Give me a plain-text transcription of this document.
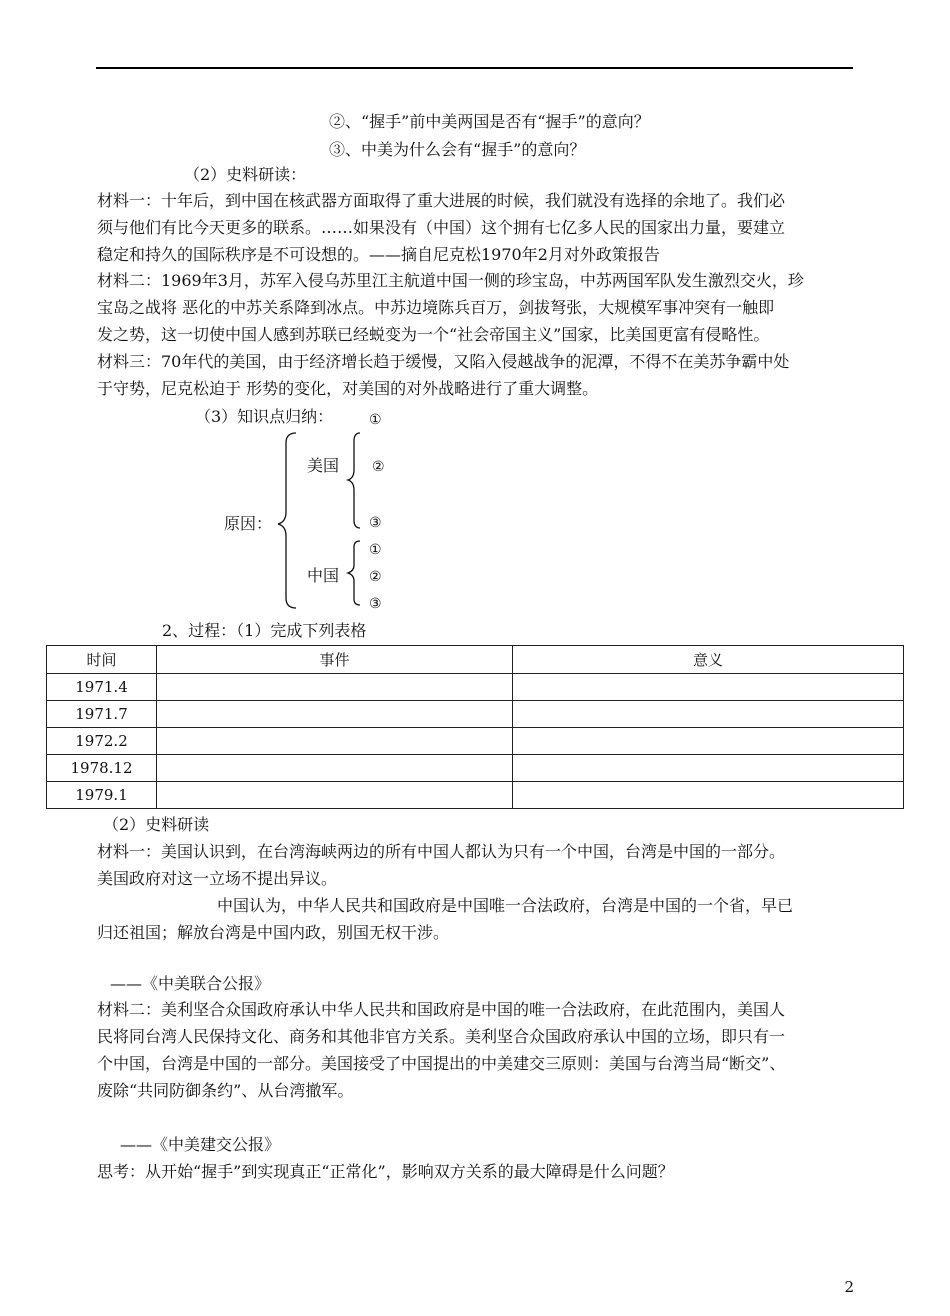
②、“握手”前中美两国是否有“握手”的意向？
③、中美为什么会有“握手”的意向？
（2）史料研读：
材料一：十年后，到中国在核武器方面取得了重大进展的时候，我们就没有选择的余地了。我们必
须与他们有比今天更多的联系。……如果没有（中国）这个拥有七亿多人民的国家出力量，要建立
稳定和持久的国际秩序是不可设想的。——摘自尼克松1970年2月对外政策报告
材料二：1969年3月，苏军入侵乌苏里江主航道中国一侧的珍宝岛，中苏两国军队发生激烈交火，珍
宝岛之战将 恶化的中苏关系降到冰点。中苏边境陈兵百万，剑拔弩张，大规模军事冲突有一触即
发之势，这一切使中国人感到苏联已经蜕变为一个“社会帝国主义”国家，比美国更富有侵略性。
材料三：70年代的美国，由于经济增长趋于缓慢，又陷入侵越战争的泥潭，不得不在美苏争霸中处
于守势，尼克松迫于 形势的变化，对美国的对外战略进行了重大调整。
（3）知识点归纳：
原因：
美国
中国
①
②
③
①
②
③
2、过程：（1）完成下列表格
时间	事件	意义
1971.4		
1971.7		
1972.2		
1978.12		
1979.1		
（2）史料研读
材料一：美国认识到，在台湾海峡两边的所有中国人都认为只有一个中国，台湾是中国的一部分。
美国政府对这一立场不提出异议。
中国认为，中华人民共和国政府是中国唯一合法政府，台湾是中国的一个省，早已
归还祖国；解放台湾是中国内政，别国无权干涉。
——《中美联合公报》
材料二：美利坚合众国政府承认中华人民共和国政府是中国的唯一合法政府，在此范围内，美国人
民将同台湾人民保持文化、商务和其他非官方关系。美利坚合众国政府承认中国的立场，即只有一
个中国，台湾是中国的一部分。美国接受了中国提出的中美建交三原则：美国与台湾当局“断交”、
废除“共同防御条约”、从台湾撤军。
——《中美建交公报》
思考：从开始“握手”到实现真正“正常化”，影响双方关系的最大障碍是什么问题？
2
